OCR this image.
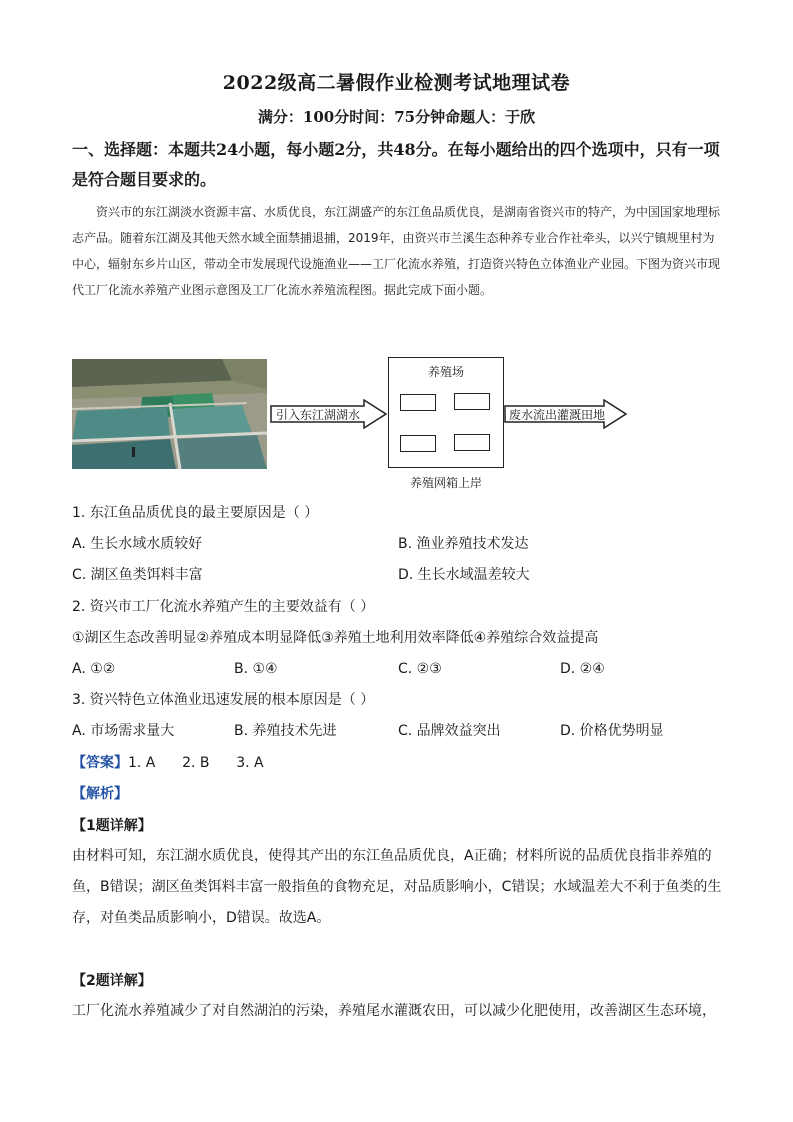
2022级高二暑假作业检测考试地理试卷
满分：100分时间：75分钟命题人：于欣
一、选择题：本题共24小题，每小题2分，共48分。在每小题给出的四个选项中，只有一项是符合题目要求的。
资兴市的东江湖淡水资源丰富、水质优良，东江湖盛产的东江鱼品质优良，是湖南省资兴市的特产，为中国国家地理标志产品。随着东江湖及其他天然水域全面禁捕退捕，2019年，由资兴市兰溪生态种养专业合作社牵头，以兴宁镇规里村为中心，辐射东乡片山区，带动全市发展现代设施渔业——工厂化流水养殖，打造资兴特色立体渔业产业园。下图为资兴市现代工厂化流水养殖产业图示意图及工厂化流水养殖流程图。据此完成下面小题。
引入东江湖湖水
养殖场
养殖网箱上岸
废水流出灌溉田地
1. 东江鱼品质优良的最主要原因是（ ）
A. 生长水域水质较好	B. 渔业养殖技术发达
C. 湖区鱼类饵料丰富	D. 生长水域温差较大
2. 资兴市工厂化流水养殖产生的主要效益有（ ）
①湖区生态改善明显②养殖成本明显降低③养殖土地利用效率降低④养殖综合效益提高
A. ①②	B. ①④	C. ②③	D. ②④
3. 资兴特色立体渔业迅速发展的根本原因是（ ）
A. 市场需求量大	B. 养殖技术先进	C. 品牌效益突出	D. 价格优势明显
【答案】1. A      2. B      3. A
【解析】
【1题详解】
由材料可知，东江湖水质优良，使得其产出的东江鱼品质优良，A正确；材料所说的品质优良指非养殖的鱼，B错误；湖区鱼类饵料丰富一般指鱼的食物充足，对品质影响小，C错误；水域温差大不利于鱼类的生存，对鱼类品质影响小，D错误。故选A。
【2题详解】
工厂化流水养殖减少了对自然湖泊的污染，养殖尾水灌溉农田，可以减少化肥使用，改善湖区生态环境，
